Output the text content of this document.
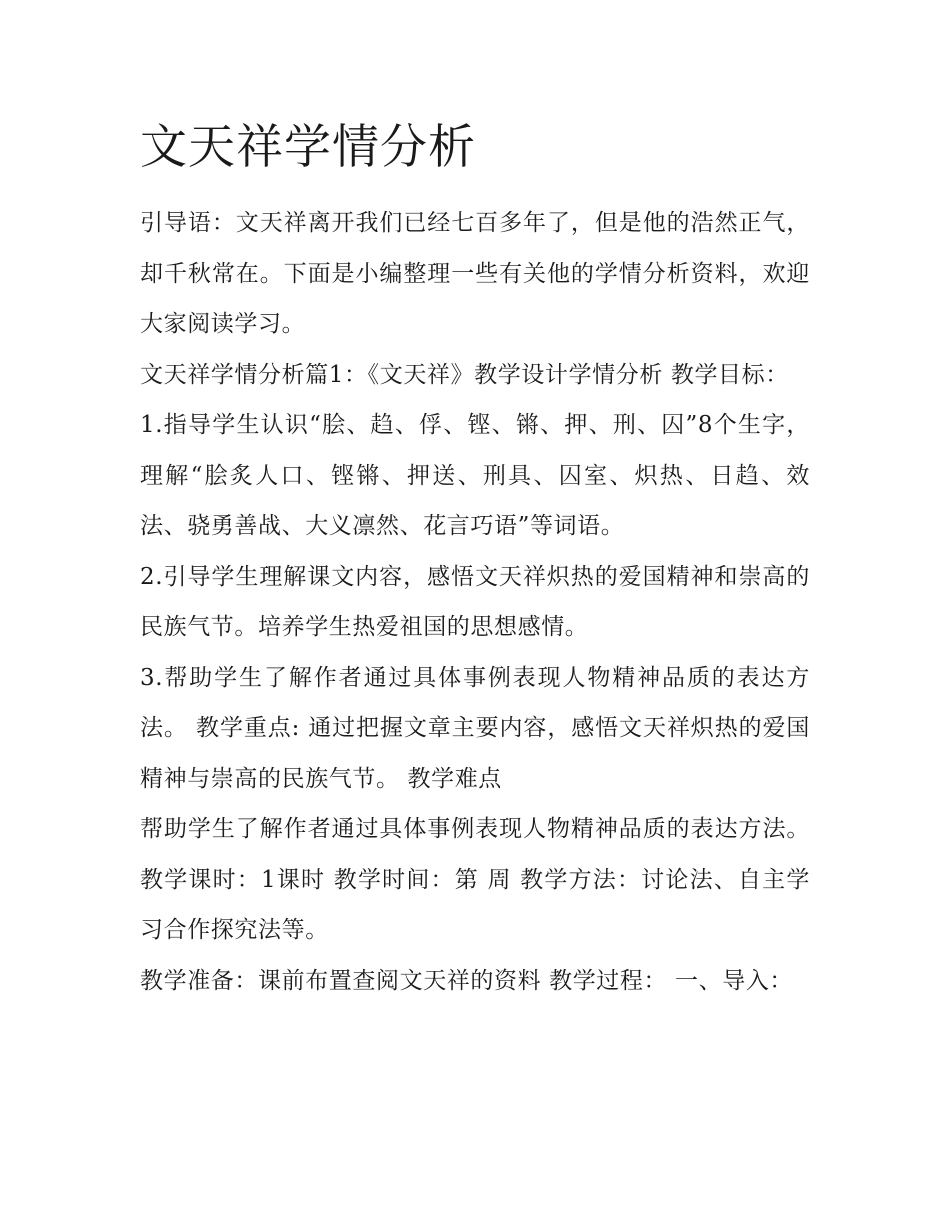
文天祥学情分析

引导语：文天祥离开我们已经七百多年了，但是他的浩然正气，却千秋常在。下面是小编整理一些有关他的学情分析资料，欢迎大家阅读学习。

文天祥学情分析篇1：《文天祥》教学设计学情分析 教学目标：

1.指导学生认识“脍、趋、俘、铿、锵、押、刑、囚”8个生字，理解“脍炙人口、铿锵、押送、刑具、囚室、炽热、日趋、效法、骁勇善战、大义凛然、花言巧语”等词语。

2.引导学生理解课文内容，感悟文天祥炽热的爱国精神和崇高的民族气节。培养学生热爱祖国的思想感情。

3.帮助学生了解作者通过具体事例表现人物精神品质的表达方法。 教学重点: 通过把握文章主要内容，感悟文天祥炽热的爱国精神与崇高的民族气节。 教学难点

帮助学生了解作者通过具体事例表现人物精神品质的表达方法。 教学课时：1课时 教学时间：第 周 教学方法：讨论法、自主学习合作探究法等。

教学准备：课前布置查阅文天祥的资料 教学过程： 一、导入：
